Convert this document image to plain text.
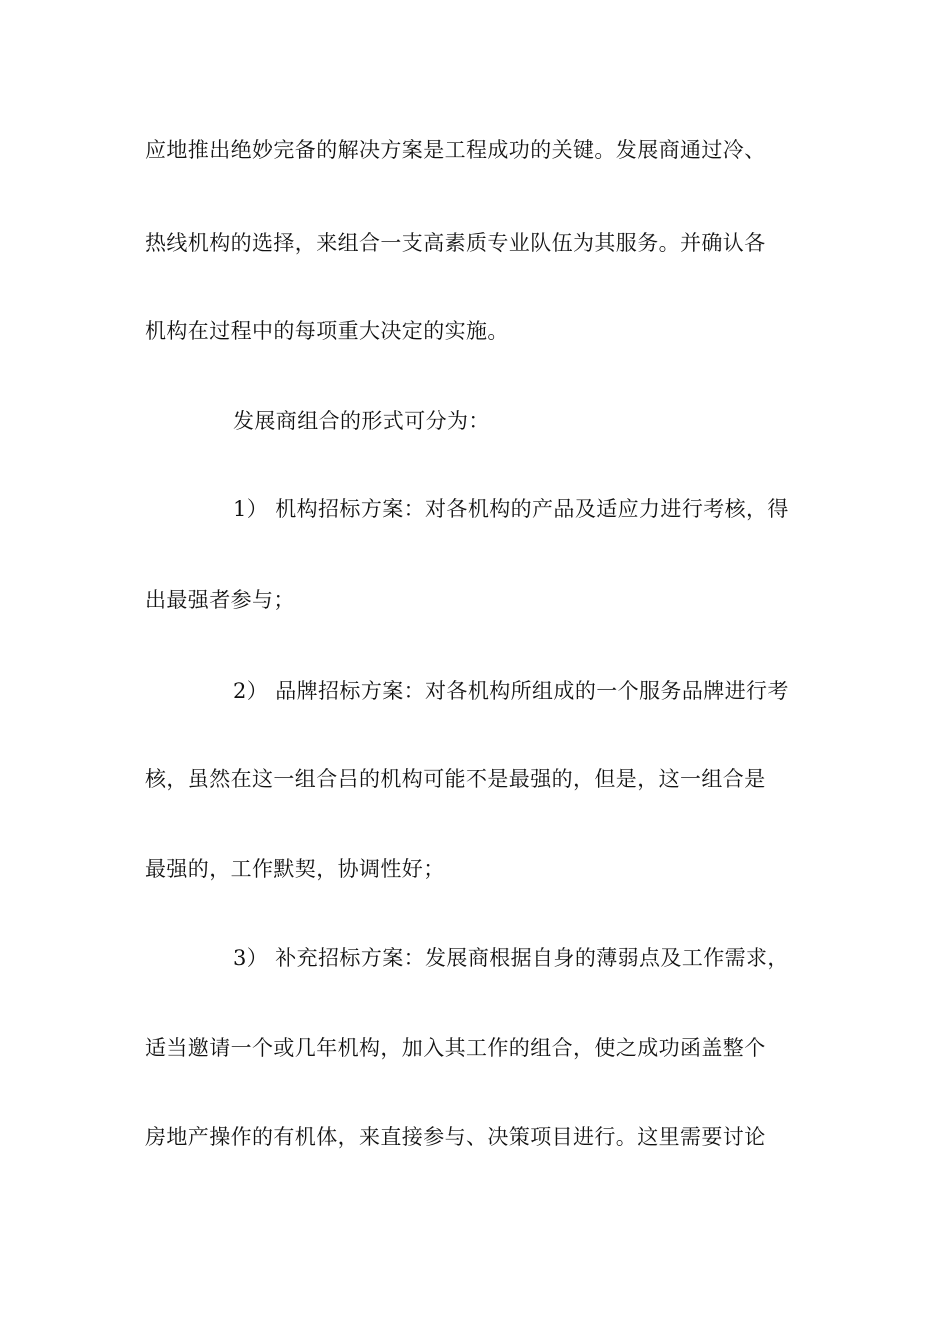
应地推出绝妙完备的解决方案是工程成功的关键。发展商通过冷、
热线机构的选择，来组合一支高素质专业队伍为其服务。并确认各
机构在过程中的每项重大决定的实施。
发展商组合的形式可分为：
1） 机构招标方案：对各机构的产品及适应力进行考核，得
出最强者参与；
2） 品牌招标方案：对各机构所组成的一个服务品牌进行考
核，虽然在这一组合吕的机构可能不是最强的，但是，这一组合是
最强的，工作默契，协调性好；
3） 补充招标方案：发展商根据自身的薄弱点及工作需求，
适当邀请一个或几年机构，加入其工作的组合，使之成功函盖整个
房地产操作的有机体，来直接参与、决策项目进行。这里需要讨论
